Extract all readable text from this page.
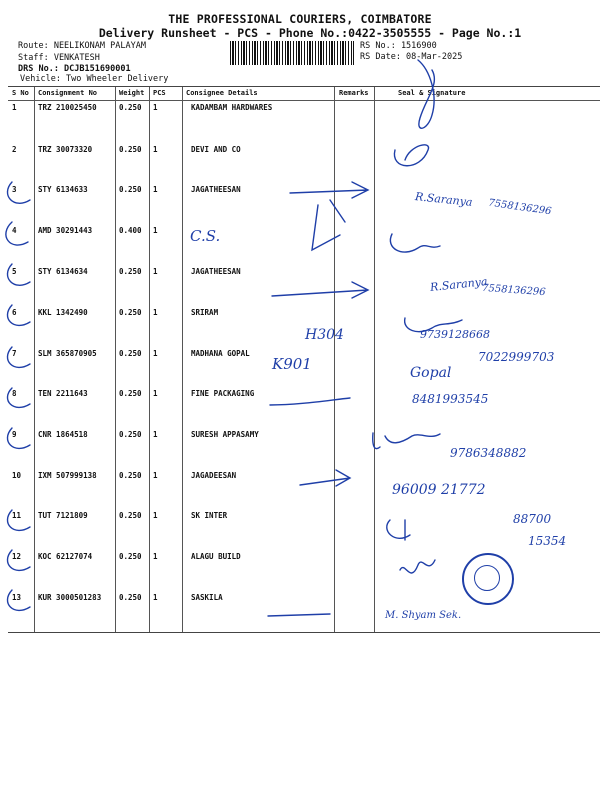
THE PROFESSIONAL COURIERS, COIMBATORE
Delivery Runsheet - PCS - Phone No.:0422-3505555 - Page No.:1
Route: NEELIKONAM PALAYAM
Staff: VENKATESH
DRS No.: DCJB151690001
Vehicle: Two Wheeler Delivery
RS No.: 1516900
RS Date: 08-Mar-2025
S No Consignment No	Weight PCS	Consignee Details	Remarks	Seal & Signature
1	TRZ 210025450	0.250 1	KADAMBAM HARDWARES
2	TRZ 30073320	0.250 1	DEVI AND CO
3	STY 6134633	0.250 1	JAGATHEESAN
4	AMD 30291443	0.400 1
5	STY 6134634	0.250 1	JAGATHEESAN
6	KKL 1342490	0.250 1	SRIRAM
7	SLM 365870905	0.250 1	MADHANA GOPAL
8	TEN 2211643	0.250 1	FINE PACKAGING
9	CNR 1864518	0.250 1	SURESH APPASAMY
10 IXM 507999138	0.250 1	JAGADEESAN
11 TUT 7121809	0.250 1	SK INTER
12 KOC 62127074	0.250 1	ALAGU BUILD
13 KUR 3000501283 0.250 1	SASKILA
C.S.
R.Saranya 7558136296
R.Saranya
7558136296
H304	9739128668
K901	7022999703
Gopal
8481993545
9786348882
96009 21772
88700
15354
M. Shyam Sek.
